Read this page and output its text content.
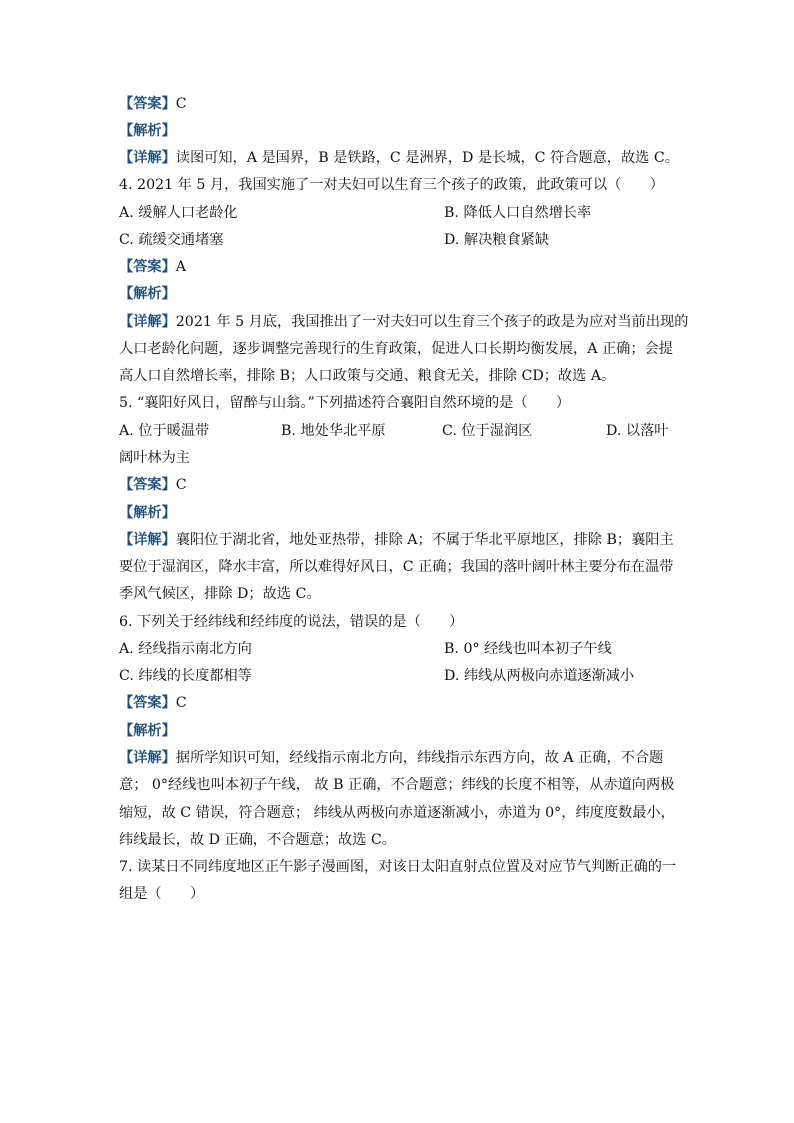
【答案】C
【解析】
【详解】读图可知，A 是国界，B 是铁路，C 是洲界，D 是长城，C 符合题意，故选 C。
4. 2021 年 5 月，我国实施了一对夫妇可以生育三个孩子的政策，此政策可以（　　）
A. 缓解人口老龄化	B. 降低人口自然增长率
C. 疏缓交通堵塞	D. 解决粮食紧缺
【答案】A
【解析】
【详解】2021 年 5 月底，我国推出了一对夫妇可以生育三个孩子的政是为应对当前出现的
人口老龄化问题，逐步调整完善现行的生育政策，促进人口长期均衡发展，A 正确；会提
高人口自然增长率，排除 B；人口政策与交通、粮食无关，排除 CD；故选 A。
5. “襄阳好风日，留醉与山翁。”下列描述符合襄阳自然环境的是（　　）
A. 位于暖温带	B. 地处华北平原	C. 位于湿润区	D. 以落叶
阔叶林为主
【答案】C
【解析】
【详解】襄阳位于湖北省，地处亚热带，排除 A；不属于华北平原地区，排除 B；襄阳主
要位于湿润区，降水丰富，所以难得好风日，C 正确；我国的落叶阔叶林主要分布在温带
季风气候区，排除 D；故选 C。
6. 下列关于经纬线和经纬度的说法，错误的是（　　）
A. 经线指示南北方向	B. 0° 经线也叫本初子午线
C. 纬线的长度都相等	D. 纬线从两极向赤道逐渐减小
【答案】C
【解析】
【详解】据所学知识可知，经线指示南北方向，纬线指示东西方向，故 A 正确，不合题
意； 0°经线也叫本初子午线， 故 B 正确，不合题意；纬线的长度不相等，从赤道向两极
缩短，故 C 错误，符合题意； 纬线从两极向赤道逐渐减小，赤道为 0°，纬度度数最小，
纬线最长，故 D 正确，不合题意；故选 C。
7. 读某日不同纬度地区正午影子漫画图，对该日太阳直射点位置及对应节气判断正确的一
组是（　　）
